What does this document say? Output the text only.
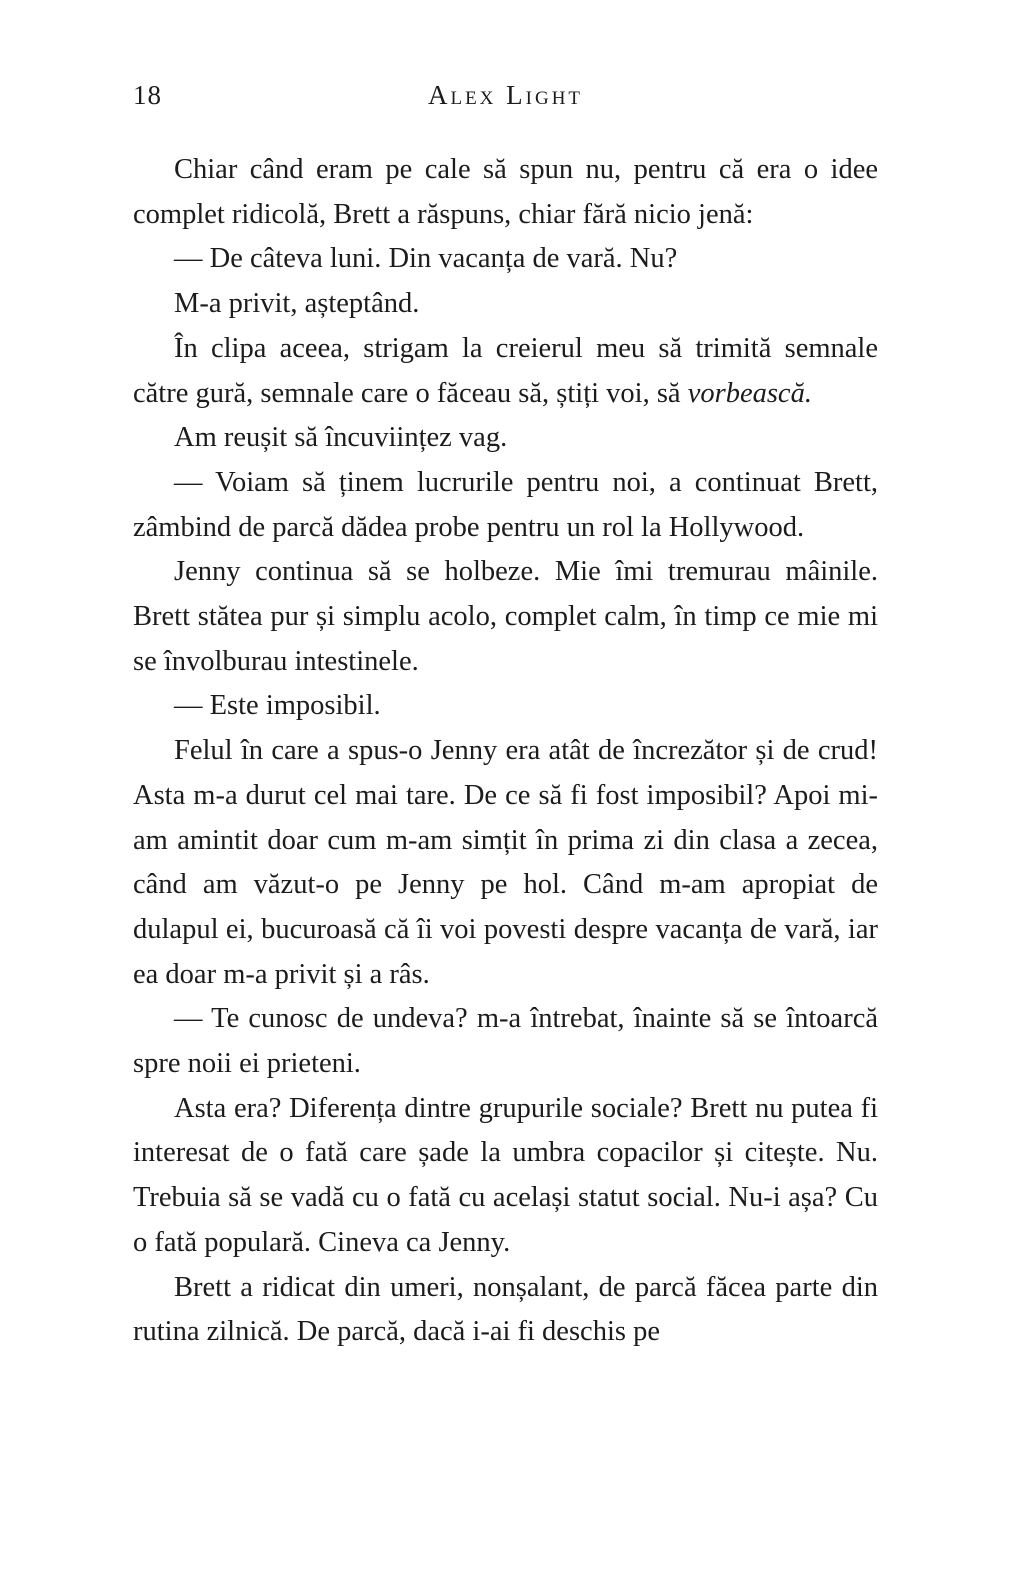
18	Alex Light

Chiar când eram pe cale să spun nu, pentru că era o idee complet ridicolă, Brett a răspuns, chiar fără nicio jenă:

— De câteva luni. Din vacanța de vară. Nu?

M-a privit, așteptând.

În clipa aceea, strigam la creierul meu să trimită semnale către gură, semnale care o făceau să, știți voi, să vorbească.

Am reușit să încuviințez vag.

— Voiam să ținem lucrurile pentru noi, a continuat Brett, zâmbind de parcă dădea probe pentru un rol la Hollywood.

Jenny continua să se holbeze. Mie îmi tremurau mâinile. Brett stătea pur și simplu acolo, complet calm, în timp ce mie mi se învolburau intestinele.

— Este imposibil.

Felul în care a spus-o Jenny era atât de încrezător și de crud! Asta m-a durut cel mai tare. De ce să fi fost imposibil? Apoi mi-am amintit doar cum m-am simțit în prima zi din clasa a zecea, când am văzut-o pe Jenny pe hol. Când m-am apropiat de dulapul ei, bucuroasă că îi voi povesti despre vacanța de vară, iar ea doar m-a privit și a râs.

— Te cunosc de undeva? m-a întrebat, înainte să se întoarcă spre noii ei prieteni.

Asta era? Diferența dintre grupurile sociale? Brett nu putea fi interesat de o fată care șade la umbra copacilor și citește. Nu. Trebuia să se vadă cu o fată cu același statut social. Nu-i așa? Cu o fată populară. Cineva ca Jenny.

Brett a ridicat din umeri, nonșalant, de parcă făcea parte din rutina zilnică. De parcă, dacă i-ai fi deschis pe
